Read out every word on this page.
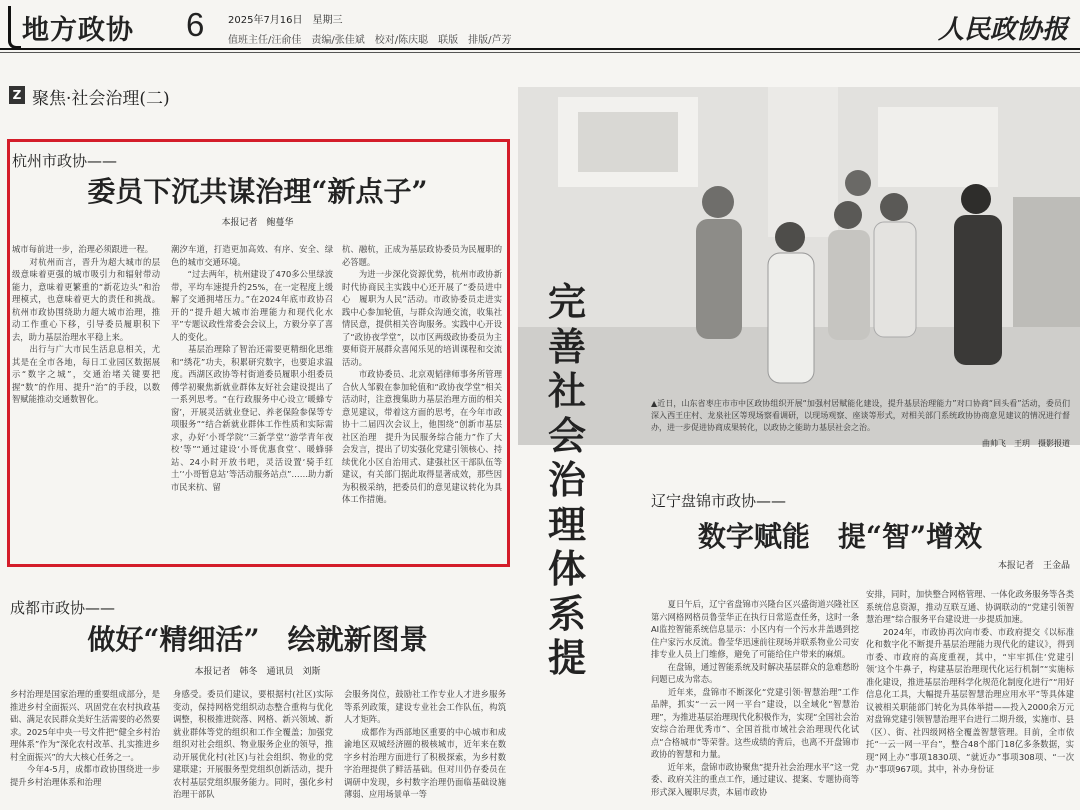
地方政协 6 2025年7月16日　星期三
值班主任/汪俞佳　责编/张佳斌　校对/陈庆聪　联版　排版/芦芳	人民政协报
Z 聚焦·社会治理(二)
杭州市政协——
委员下沉共谋治理“新点子”
本报记者　鲍蔓华
城市每前进一步，治理必须跟进一程。
　　对杭州而言，晋升为超大城市的层级意味着更强的城市吸引力和辐射带动能力，意味着更繁重的“新花边头”和治理模式，也意味着更大的责任和挑战。杭州市政协围绕助力超大城市治理，推动工作重心下移，引导委员履职积下去，助力基层治理水平稳上来。
　　出行与广大市民生活息息相关，尤其是在全市各地，每日工业园区数据展示“数字之城”，交通治堵关键要把握“数”的作用、提升“治”的手段，以数智赋能推动交通数智化。
潮汐车道，打造更加高效、有序、安全、绿色的城市交通环境。
　　“过去两年，杭州建设了470多公里绿波带，平均车速提升约25%，在一定程度上缓解了交通拥堵压力。”在2024年底市政协召开的“提升超大城市治理能力和现代化水平”专题议政性常委会会议上，方毅分享了喜人的变化。
　　基层治理除了智治还需要更精细化思维和“绣花”功夫，积累研究数字，也要追求温度。西湖区政协等村街道委员履职小组委员傅学初聚焦新就业群体友好社会建设提出了一系列思考。“在行政服务中心设立‘暖蜂专窗’，开展灵活就业登记、养老保险参保等专项服务”“结合新就业群体工作性质和实际需求，办好‘小哥学院’‘三新学堂’‘游学青年夜校’等”“通过建设‘小哥优惠食堂’、暖蜂驿站、24小时开放书吧，灵活设置‘骑手红土’‘小哥暂息站’等活动服务站点”……助力新市民来杭、留
杭、融杭，正成为基层政协委员为民履职的必答题。
　　为进一步深化资源优势，杭州市政协新时代协商民主实践中心还开展了“委员进中心　履职为人民”活动。市政协委员走进实践中心参加轮值，与群众沟通交流，收集社情民意，提供相关咨询服务。实践中心开设了“政协夜学堂”，以市区两级政协委员为主要师资开展群众喜闻乐见的培训课程和交流活动。
　　市政协委员、北京观韬律师事务所管理合伙人邹毅在参加轮值和“政协夜学堂”相关活动时，注意搜集助力基层治理方面的相关意见建议，带着这方面的思考，在今年市政协十二届四次会议上，他围绕“创新市基层社区治理　提升为民服务综合能力”作了大会发言，提出了切实强化党建引领核心、持续优化小区自治用式、建强社区干部队伍等建议，有关部门据此取得显著成效，那些因为积极采纳，把委员们的意见建议转化为具体工作措施。
成都市政协——
做好“精细活”　绘就新图景
本报记者　韩冬　通讯员　刘斯
乡村治理是国家治理的重要组成部分，是推进乡村全面振兴、巩固党在农村执政基础、满足农民群众美好生活需要的必然要求。2025年中央一号文件把“健全乡村治理体系”作为“深化农村改革、扎实推进乡村全面振兴”的大大核心任务之一。
　　今年4-5月，成都市政协围绕进一步提升乡村治理体系和治理
身感受。委员们建议，要根据村(社区)实际变动，保持网格党组织动态整合重构与优化调整，积极推进院落、网格、新兴领域、新就业群体等党的组织和工作全覆盖；加强党组织对社会组织、物业服务企业的领导，推动开展优化村(社区)与社会组织、物业的党建联建；开展服务型党组织创新活动，提升农村基层党组织服务能力。同时，强化乡村治理干部队
会服务岗位，鼓励社工作专业人才进乡服务等系列政策，建设专业社会工作队伍，构筑人才矩阵。
　　成都作为西部地区重要的中心城市和成渝地区双城经济圈的极核城市，近年来在数字乡村治理方面进行了积极探索，为乡村数字治理提供了鲜活基础。但对川仍存委员在调研中发现，乡村数字治理仍面临基础设施薄弱、应用场景单一等
▲近日，山东省枣庄市市中区政协组织开展“加强村居赋能化建设，提升基层治理能力”对口协商“回头看”活动，委员们深入西王庄村、龙泉社区等现场察看调研，以现场观察、座谈等形式，对相关部门系统政协协商意见建议的情况进行督办，进一步促进协商成果转化，以政协之能助力基层社会之治。
曲帅飞　王玥　摄影报道
完善社会治理体系　提
辽宁盘锦市政协——
数字赋能　提“智”增效
本报记者　王金晶
　　夏日午后，辽宁省盘锦市兴隆台区兴盛街道兴隆社区第六网格网格员鲁莹华正在执行日常巡查任务，这时一条AI监控智能系统信息显示：小区内有一个污水井盖遇到挖住户家污水反流。鲁莹华迅速前往现场并联系物业公司安排专业人员上门维修，避免了可能给住户带来的麻烦。
　　在盘锦，通过智能系统及时解决基层群众的急难愁盼问题已成为常态。
　　近年来，盘锦市不断深化“党建引领·智慧治理”工作品牌，抓实“一云一网一平台”建设，以全域化“智慧治理”，为推进基层治理现代化积极作为，实现“全国社会治安综合治理优秀市”、全国首批市域社会治理现代化试点“合格城市”等荣誉。这些成绩的背后，也离不开盘锦市政协的智慧和力量。
　　近年来，盘锦市政协聚焦“提升社会治理水平”这一党委、政府关注的重点工作，通过建议、提案、专题协商等形式深入履职尽责，本届市政协
安排，同时，加快整合网格管理、一体化政务服务等各类系统信息资源，推动互联互通、协调联动的“党建引领智慧治理”综合服务平台建设进一步提质加速。
　　2024年，市政协再次向市委、市政府提交《以标准化和数字化不断提升基层治理能力现代化的建议》，得到市委、市政府的高度重视，其中，“牢牢抓住‘党建引领’这个牛鼻子，构建基层治理现代化运行机制”“实施标准化建设，推进基层治理科学化规范化制度化进行”“用好信息化工具，大幅提升基层智慧治理应用水平”等具体建议被相关职能部门转化为具体举措——投入2000余万元对盘锦党建引领智慧治理平台进行二期升级，实施市、县（区）、街、社四级网格全覆盖智慧管理。目前，全市依托“一云一网一平台”，整合48个部门18亿多条数据，实现“网上办”事项1830项、“就近办”事项308项、“一次办”事项967项。其中，补办身份证
